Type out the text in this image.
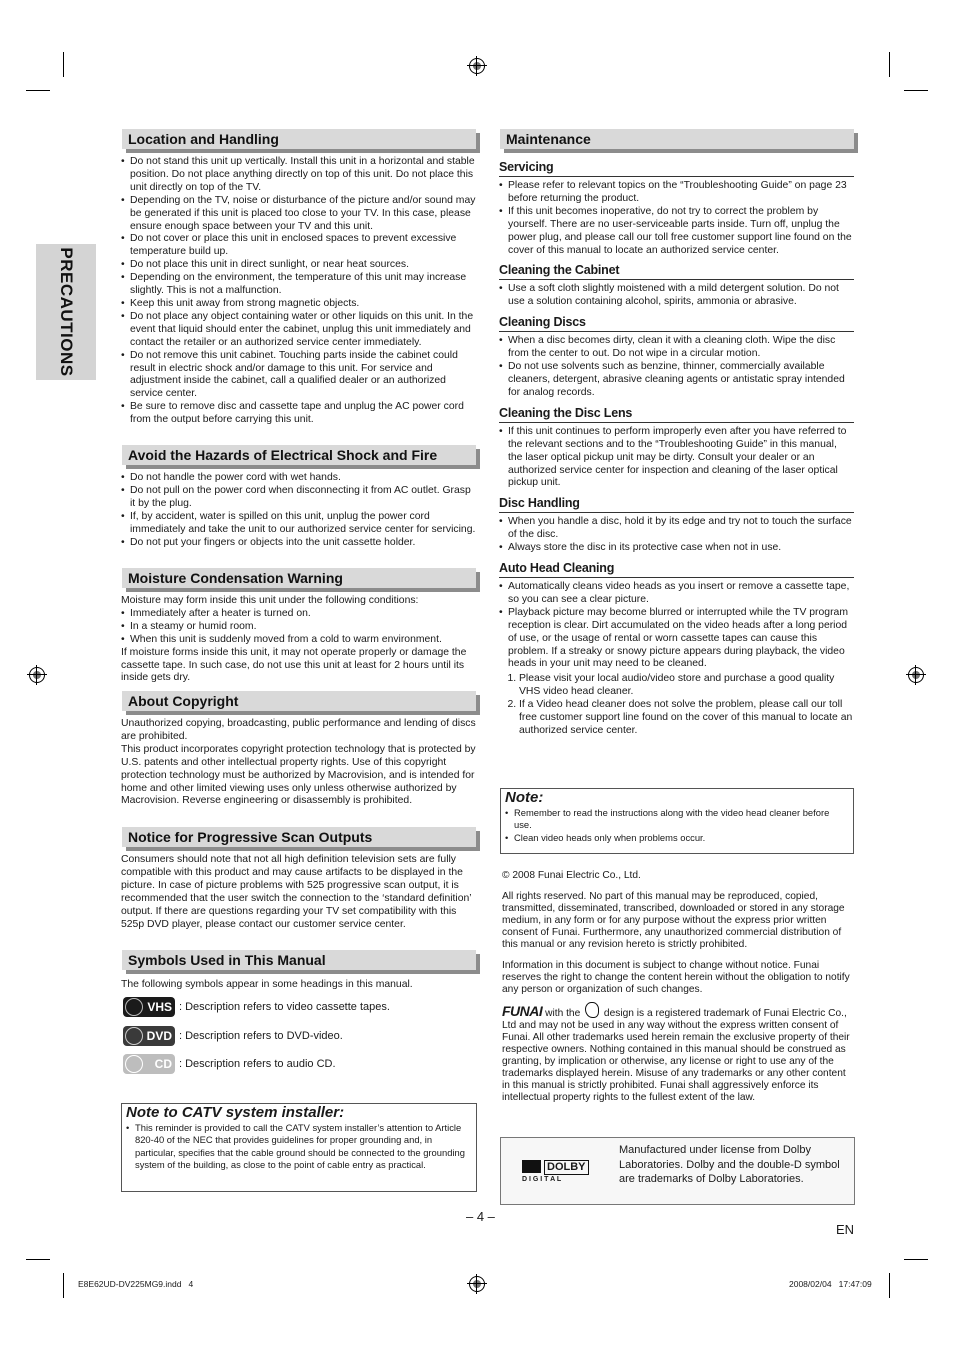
PRECAUTIONS
Location and Handling
• Do not stand this unit up vertically. Install this unit in a horizontal and stable position. Do not place anything directly on top of this unit. Do not place this unit directly on top of the TV.
• Depending on the TV, noise or disturbance of the picture and/or sound may be generated if this unit is placed too close to your TV. In this case, please ensure enough space between your TV and this unit.
• Do not cover or place this unit in enclosed spaces to prevent excessive temperature build up.
• Do not place this unit in direct sunlight, or near heat sources.
• Depending on the environment, the temperature of this unit may increase slightly. This is not a malfunction.
• Keep this unit away from strong magnetic objects.
• Do not place any object containing water or other liquids on this unit. In the event that liquid should enter the cabinet, unplug this unit immediately and contact the retailer or an authorized service center immediately.
• Do not remove this unit cabinet. Touching parts inside the cabinet could result in electric shock and/or damage to this unit. For service and adjustment inside the cabinet, call a qualified dealer or an authorized service center.
• Be sure to remove disc and cassette tape and unplug the AC power cord from the output before carrying this unit.
Avoid the Hazards of Electrical Shock and Fire
• Do not handle the power cord with wet hands.
• Do not pull on the power cord when disconnecting it from AC outlet. Grasp it by the plug.
• If, by accident, water is spilled on this unit, unplug the power cord immediately and take the unit to our authorized service center for servicing.
• Do not put your fingers or objects into the unit cassette holder.
Moisture Condensation Warning

Moisture may form inside this unit under the following conditions:

• Immediately after a heater is turned on.
• In a steamy or humid room.
• When this unit is suddenly moved from a cold to warm environment.

If moisture forms inside this unit, it may not operate properly or damage the cassette tape. In such case, do not use this unit at least for 2 hours until its inside gets dry.

About Copyright

Unauthorized copying, broadcasting, public performance and lending of discs are prohibited.

This product incorporates copyright protection technology that is protected by U.S. patents and other intellectual property rights. Use of this copyright protection technology must be authorized by Macrovision, and is intended for home and other limited viewing uses only unless otherwise authorized by Macrovision. Reverse engineering or disassembly is prohibited.

Notice for Progressive Scan Outputs

Consumers should note that not all high definition television sets are fully compatible with this product and may cause artifacts to be displayed in the picture. In case of picture problems with 525 progressive scan output, it is recommended that the user switch the connection to the ‘standard definition’ output. If there are questions regarding your TV set compatibility with this 525p DVD player, please contact our customer service center.

Symbols Used in This Manual
The following symbols appear in some headings in this manual.
VHS : Description refers to video cassette tapes.
DVD : Description refers to DVD-video.
CD : Description refers to audio CD.
Note to CATV system installer:
• This reminder is provided to call the CATV system installer’s attention to Article 820-40 of the NEC that provides guidelines for proper grounding and, in particular, specifies that the cable ground should be connected to the grounding system of the building, as close to the point of cable entry as practical.
Maintenance
Servicing
• Please refer to relevant topics on the “Troubleshooting Guide” on page 23 before returning the product.
• If this unit becomes inoperative, do not try to correct the problem by yourself. There are no user-serviceable parts inside. Turn off, unplug the power plug, and please call our toll free customer support line found on the cover of this manual to locate an authorized service center.
Cleaning the Cabinet
• Use a soft cloth slightly moistened with a mild detergent solution. Do not use a solution containing alcohol, spirits, ammonia or abrasive.
Cleaning Discs
• When a disc becomes dirty, clean it with a cleaning cloth. Wipe the disc from the center to out. Do not wipe in a circular motion.
• Do not use solvents such as benzine, thinner, commercially available cleaners, detergent, abrasive cleaning agents or antistatic spray intended for analog records.
Cleaning the Disc Lens
• If this unit continues to perform improperly even after you have referred to the relevant sections and to the “Troubleshooting Guide” in this manual, the laser optical pickup unit may be dirty. Consult your dealer or an authorized service center for inspection and cleaning of the laser optical pickup unit.
Disc Handling
• When you handle a disc, hold it by its edge and try not to touch the surface of the disc.
• Always store the disc in its protective case when not in use.
Auto Head Cleaning
• Automatically cleans video heads as you insert or remove a cassette tape, so you can see a clear picture.
• Playback picture may become blurred or interrupted while the TV program reception is clear. Dirt accumulated on the video heads after a long period of use, or the usage of rental or worn cassette tapes can cause this problem. If a streaky or snowy picture appears during playback, the video heads in your unit may need to be cleaned.
1. Please visit your local audio/video store and purchase a good quality VHS video head cleaner.
2. If a Video head cleaner does not solve the problem, please call our toll free customer support line found on the cover of this manual to locate an authorized service center.
Note:
• Remember to read the instructions along with the video head cleaner before use.
• Clean video heads only when problems occur.

© 2008 Funai Electric Co., Ltd.

All rights reserved. No part of this manual may be reproduced, copied, transmitted, disseminated, transcribed, downloaded or stored in any storage medium, in any form or for any purpose without the express prior written consent of Funai. Furthermore, any unauthorized commercial distribution of this manual or any revision hereto is strictly prohibited.

Information in this document is subject to change without notice. Funai reserves the right to change the content herein without the obligation to notify any person or organization of such changes.

FUNAI with the design is a registered trademark of Funai Electric Co., Ltd and may not be used in any way without the express written consent of Funai. All other trademarks used herein remain the exclusive property of their respective owners. Nothing contained in this manual should be construed as granting, by implication or otherwise, any license or right to use any of the trademarks displayed herein. Misuse of any trademarks or any other content in this manual is strictly prohibited. Funai shall aggressively enforce its intellectual property rights to the fullest extent of the law.

DOLBY
D I G I T A L
Manufactured under license from Dolby Laboratories. Dolby and the double-D symbol are trademarks of Dolby Laboratories.
– 4 –
EN
E8E62UD-DV225MG9.indd   4	2008/02/04   17:47:09
